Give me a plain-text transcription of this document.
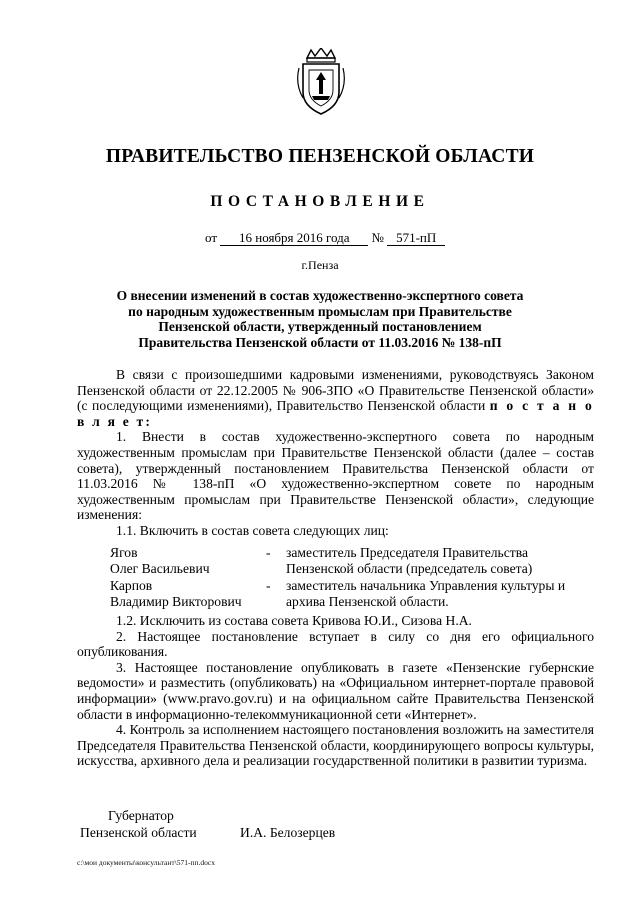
ПРАВИТЕЛЬСТВО ПЕНЗЕНСКОЙ ОБЛАСТИ
ПОСТАНОВЛЕНИЕ
от 16 ноября 2016 года № 571-пП
г.Пенза
О внесении изменений в состав художественно-экспертного совета
по народным художественным промыслам при Правительстве
Пензенской области, утвержденный постановлением
Правительства Пензенской области от 11.03.2016 № 138-пП

В связи с произошедшими кадровыми изменениями, руководствуясь Законом Пензенской области от 22.12.2005 № 906-ЗПО «О Правительстве Пензенской области» (с последующими изменениями), Правительство Пензенской области п о с т а н о в л я е т:

1. Внести в состав художественно-экспертного совета по народным художественным промыслам при Правительстве Пензенской области (далее – состав совета), утвержденный постановлением Правительства Пензенской области от 11.03.2016 № 138-пП «О художественно-экспертном совете по народным художественным промыслам при Правительстве Пензенской области», следующие изменения:

1.1. Включить в состав совета следующих лиц:

Ягов
Олег Васильевич
-	заместитель Председателя Правительства Пензенской области (председатель совета)
Карпов
Владимир Викторович
-	заместитель начальника Управления культуры и архива Пензенской области.

1.2. Исключить из состава совета Кривова Ю.И., Сизова Н.А.

2. Настоящее постановление вступает в силу со дня его официального опубликования.

3. Настоящее постановление опубликовать в газете «Пензенские губернские ведомости» и разместить (опубликовать) на «Официальном интернет-портале правовой информации» (www.pravo.gov.ru) и на официальном сайте Правительства Пензенской области в информационно-телекоммуникационной сети «Интернет».

4. Контроль за исполнением настоящего постановления возложить на заместителя Председателя Правительства Пензенской области, координирующего вопросы культуры, искусства, архивного дела и реализации государственной политики в развитии туризма.

Губернатор
Пензенской области	И.А. Белозерцев
c:\мои документы\консультант\571-пп.docx
